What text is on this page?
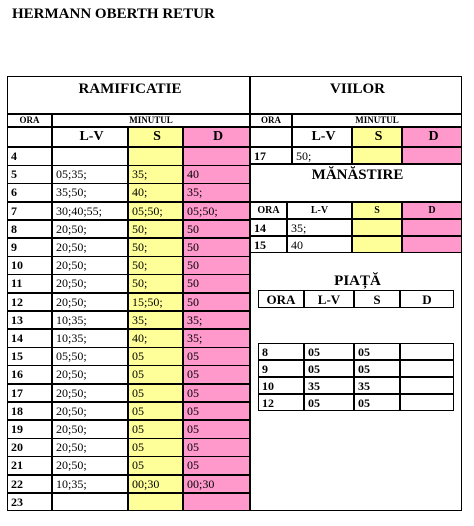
HERMANN OBERTH RETUR
RAMIFICATIE
ORA	MINUTUL
L-V	S	D
4
5	05;35;	35;	40
6	35;50;	40;	35;
7	30;40;55;	05;50;	05;50;
8	20;50;	50;	50
9	20;50;	50;	50
10	20;50;	50;	50
11	20;50;	50;	50
12	20;50;	15;50;	50
13	10;35;	35;	35;
14	10;35;	40;	35;
15	05;50;	05	05
16	20;50;	05	05
17	20;50;	05	05
18	20;50;	05	05
19	20;50;	05	05
20	20;50;	05	05
21	20;50;	05	05
22	10;35;	00;30	00;30
23
VIILOR
ORA	MINUTUL
L-V	S	D
17	50;
MĂNĂSTIRE
ORA	L-V	S	D
14	35;
15	40
PIAȚĂ
ORA	L-V	S	D
8	05	05
9	05	05
10	35	35
12	05	05
